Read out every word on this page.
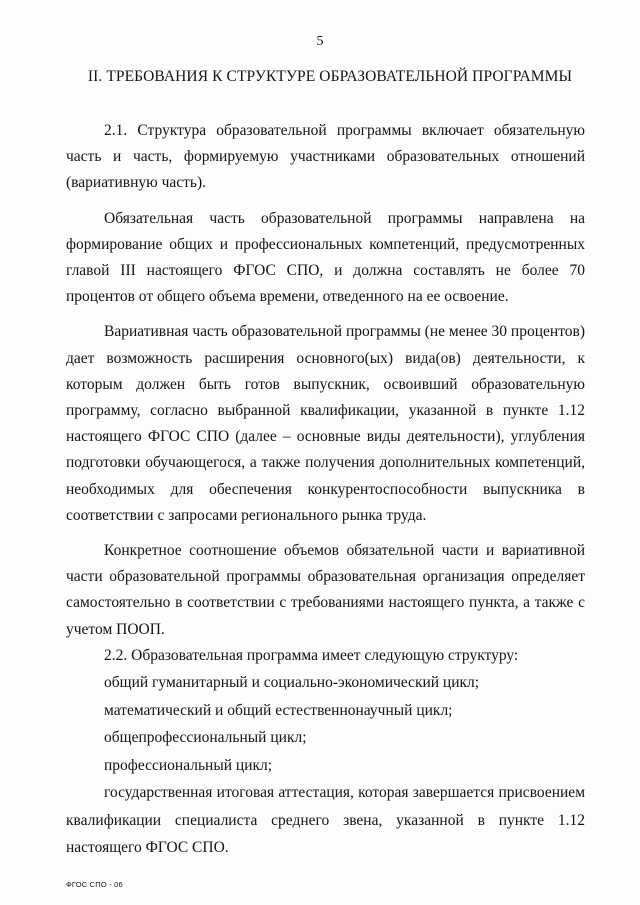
5
II. ТРЕБОВАНИЯ К СТРУКТУРЕ ОБРАЗОВАТЕЛЬНОЙ ПРОГРАММЫ

2.1. Структура образовательной программы включает обязательную часть и часть, формируемую участниками образовательных отношений (вариативную часть).

Обязательная часть образовательной программы направлена на формирование общих и профессиональных компетенций, предусмотренных главой III настоящего ФГОС СПО, и должна составлять не более 70 процентов от общего объема времени, отведенного на ее освоение.

Вариативная часть образовательной программы (не менее 30 процентов) дает возможность расширения основного(ых) вида(ов) деятельности, к которым должен быть готов выпускник, освоивший образовательную программу, согласно выбранной квалификации, указанной в пункте 1.12 настоящего ФГОС СПО (далее – основные виды деятельности), углубления подготовки обучающегося, а также получения дополнительных компетенций, необходимых для обеспечения конкурентоспособности выпускника в соответствии с запросами регионального рынка труда.

Конкретное соотношение объемов обязательной части и вариативной части образовательной программы образовательная организация определяет самостоятельно в соответствии с требованиями настоящего пункта, а также с учетом ПООП.

2.2. Образовательная программа имеет следующую структуру:

общий гуманитарный и социально-экономический цикл;

математический и общий естественнонаучный цикл;

общепрофессиональный цикл;

профессиональный цикл;

государственная итоговая аттестация, которая завершается присвоением квалификации специалиста среднего звена, указанной в пункте 1.12 настоящего ФГОС СПО.

ФГОС СПО - 06
